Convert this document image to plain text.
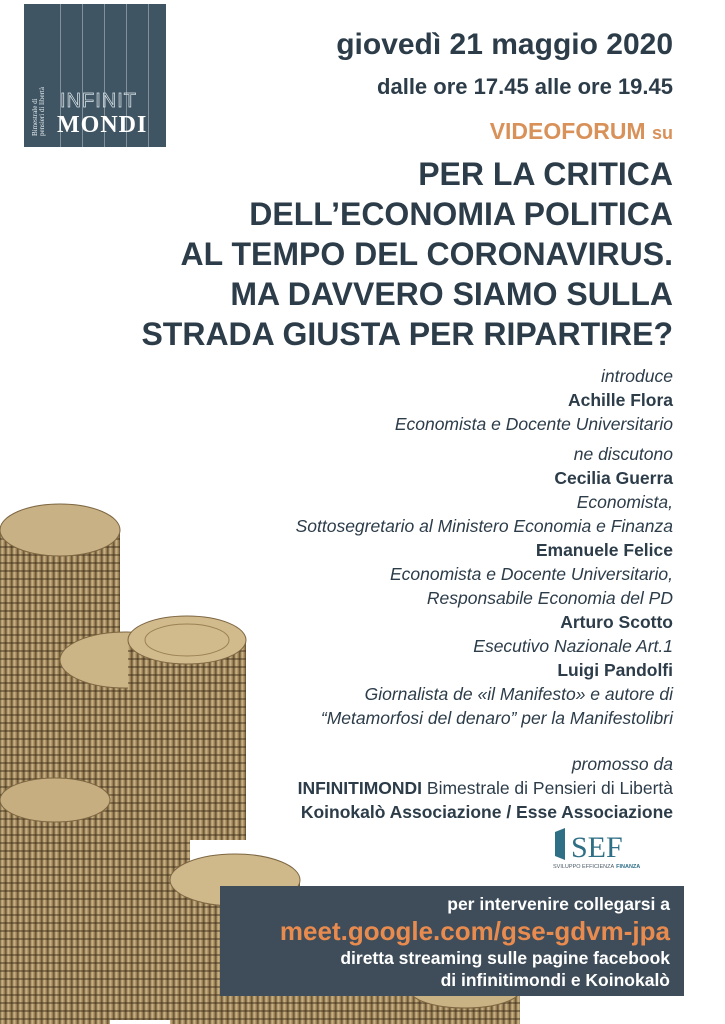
Bimestrale di pensieri di libertà INFINIT
MONDI
giovedì 21 maggio 2020
dalle ore 17.45 alle ore 19.45
VIDEOFORUM su
PER LA CRITICA
DELL’ECONOMIA POLITICA
AL TEMPO DEL CORONAVIRUS.
MA DAVVERO SIAMO SULLA
STRADA GIUSTA PER RIPARTIRE?
introduce
Achille Flora
Economista e Docente Universitario
ne discutono
Cecilia Guerra
Economista,
Sottosegretario al Ministero Economia e Finanza
Emanuele Felice
Economista e Docente Universitario,
Responsabile Economia del PD
Arturo Scotto
Esecutivo Nazionale Art.1
Luigi Pandolfi
Giornalista de «il Manifesto» e autore di
“Metamorfosi del denaro” per la Manifestolibri
promosso da
INFINITIMONDI Bimestrale di Pensieri di Libertà
Koinokalò Associazione / Esse Associazione
SEF
SVILUPPO EFFICIENZA FINANZA
per intervenire collegarsi a
meet.google.com/gse-gdvm-jpa
diretta streaming sulle pagine facebook
di infinitimondi e Koinokalò
